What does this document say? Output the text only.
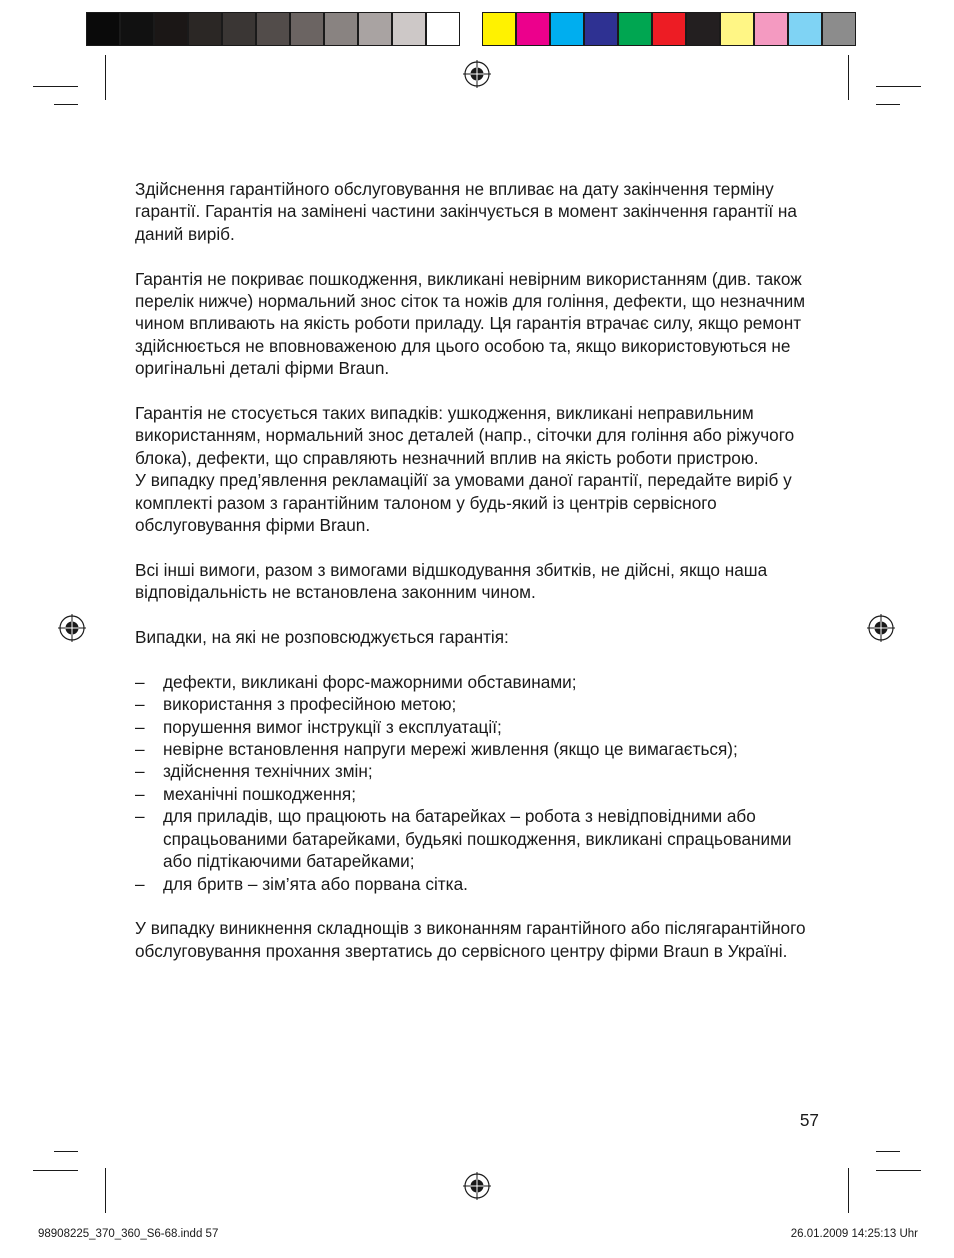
Здійснення гарантійного обслуговування не впливає на дату закінчення терміну гарантії. Гарантія на замінені частини закінчується в момент закінчення гарантії на даний виріб.

Гарантія не покриває пошкодження, викликані невірним використанням (див. також перелік нижче) нормальний знос сіток та ножів для гоління, дефекти, що незначним чином впливають на якість роботи приладу. Ця гарантія втрачає силу, якщо ремонт здійснюється не вповноваженою для цього особою та, якщо використовуються не оригінальні деталі фірми Braun.

Гарантія не стосується таких випадків: ушкодження, викликані неправильним використанням, нормальний знос деталей (напр., сіточки для гоління або ріжучого блока), дефекти, що справляють незначний вплив на якість роботи пристрою.

У випадку пред’явлення рекламаційї за умовами даної гарантії, передайте виріб у комплекті разом з гарантійним талоном у будь-який із центрів сервісного обслуговування фірми Braun.

Всі інші вимоги, разом з вимогами відшкодування збитків, не дійсні, якщо наша відповідальність не встановлена законним чином.

Випадки, на які не розповсюджується гарантія:

– дефекти, викликані форс-мажорними обставинами;
– використання з професійною метою;
– порушення вимог інструкції з експлуатації;
– невірне встановлення напруги мережі живлення (якщо це вимагається);
– здійснення технічних змін;
– механічні пошкодження;
– для приладів, що працюють на батарейках – робота з невідповідними або спрацьованими батарейками, будьякі пошкодження, викликані спрацьованими або підтікаючими батарейками;
– для бритв – зім’ята або порвана сітка.

У випадку виникнення складнощів з виконанням гарантійного або післягарантійного обслуговування прохання звертатись до сервісного центру фірми Braun в Україні.

57
98908225_370_360_S6-68.indd 57	26.01.2009 14:25:13 Uhr
